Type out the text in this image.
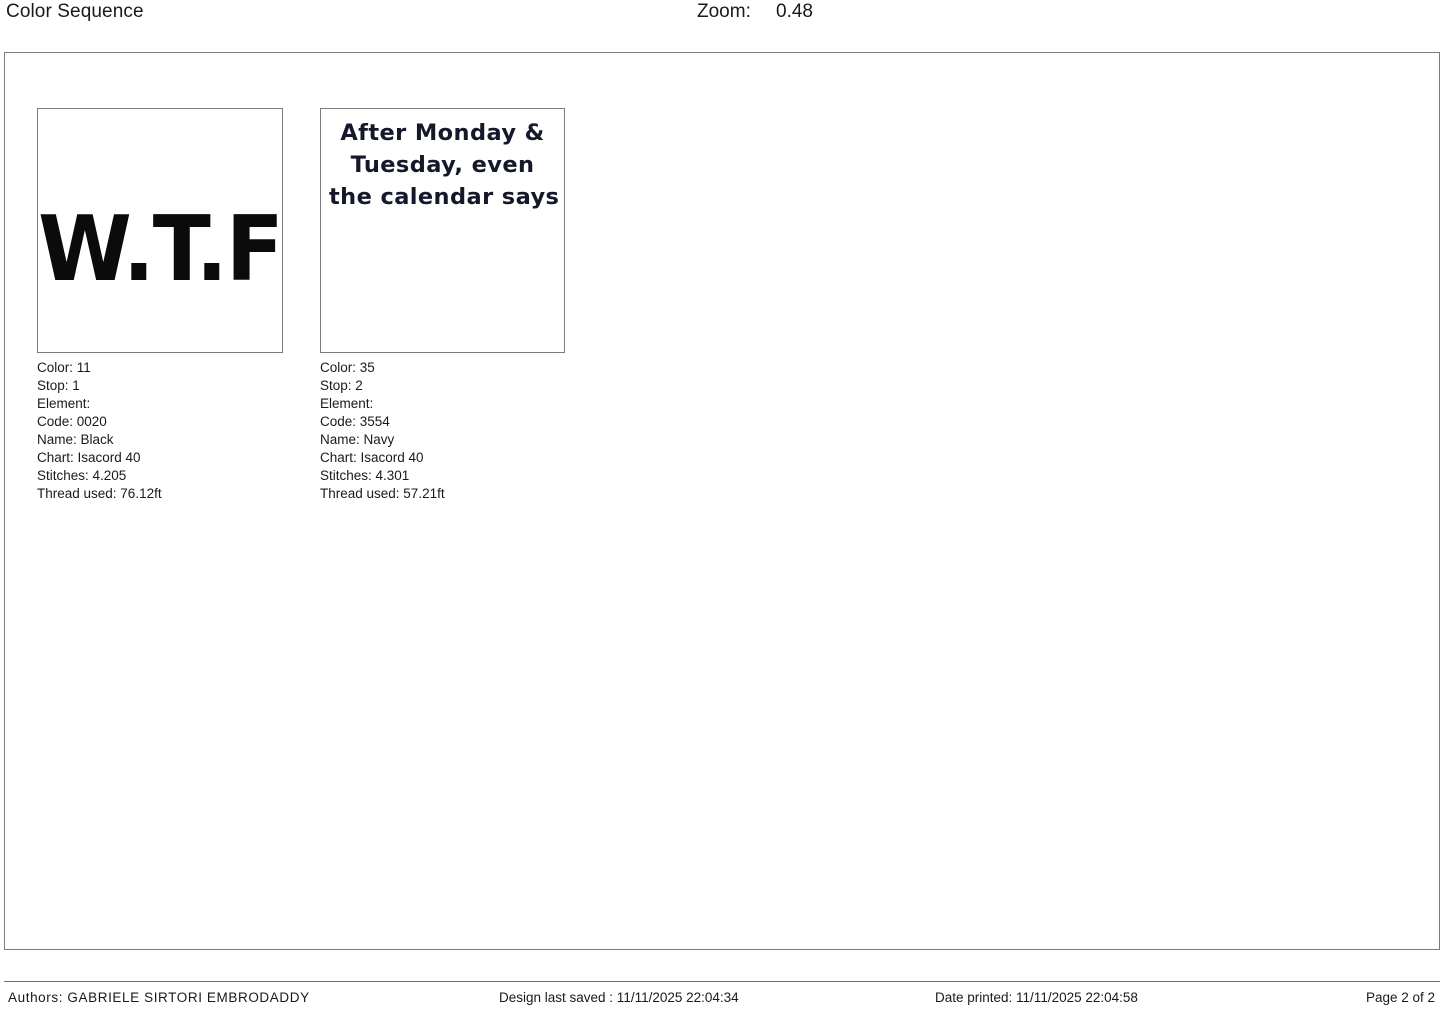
Color Sequence	Zoom: 0.48
W.T.F
Color: 11
Stop: 1
Element:
Code: 0020
Name: Black
Chart: Isacord 40
Stitches: 4.205
Thread used: 76.12ft
After Monday &
Tuesday, even
the calendar says
Color: 35
Stop: 2
Element:
Code: 3554
Name: Navy
Chart: Isacord 40
Stitches: 4.301
Thread used: 57.21ft
Authors: GABRIELE SIRTORI EMBRODADDY	Design last saved : 11/11/2025 22:04:34	Date printed: 11/11/2025 22:04:58	Page 2 of 2
